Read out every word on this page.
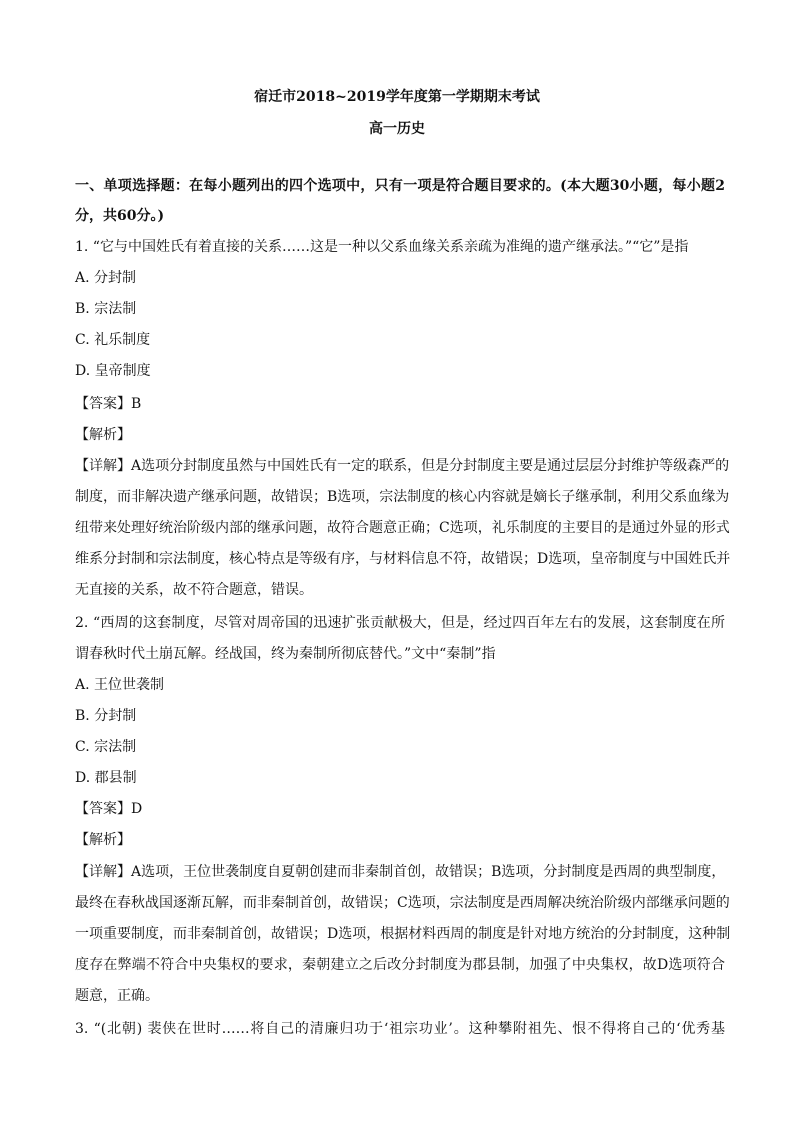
宿迁市2018~2019学年度第一学期期末考试
高一历史
一、单项选择题：在每小题列出的四个选项中，只有一项是符合题目要求的。(本大题30小题，每小题2
分，共60分。)
1. “它与中国姓氏有着直接的关系……这是一种以父系血缘关系亲疏为准绳的遗产继承法。”“它”是指
A. 分封制
B. 宗法制
C. 礼乐制度
D. 皇帝制度
【答案】B
【解析】
【详解】A选项分封制度虽然与中国姓氏有一定的联系，但是分封制度主要是通过层层分封维护等级森严的
制度，而非解决遗产继承问题，故错误；B选项，宗法制度的核心内容就是嫡长子继承制，利用父系血缘为
纽带来处理好统治阶级内部的继承问题，故符合题意正确；C选项，礼乐制度的主要目的是通过外显的形式
维系分封制和宗法制度，核心特点是等级有序，与材料信息不符，故错误；D选项，皇帝制度与中国姓氏并
无直接的关系，故不符合题意，错误。
2. “西周的这套制度，尽管对周帝国的迅速扩张贡献极大，但是，经过四百年左右的发展，这套制度在所
谓春秋时代土崩瓦解。经战国，终为秦制所彻底替代。”文中“秦制”指
A. 王位世袭制
B. 分封制
C. 宗法制
D. 郡县制
【答案】D
【解析】
【详解】A选项，王位世袭制度自夏朝创建而非秦制首创，故错误；B选项，分封制度是西周的典型制度，
最终在春秋战国逐渐瓦解，而非秦制首创，故错误；C选项，宗法制度是西周解决统治阶级内部继承问题的
一项重要制度，而非秦制首创，故错误；D选项，根据材料西周的制度是针对地方统治的分封制度，这种制
度存在弊端不符合中央集权的要求，秦朝建立之后改分封制度为郡县制，加强了中央集权，故D选项符合
题意，正确。
3. “(北朝) 裴侠在世时……将自己的清廉归功于‘祖宗功业’。这种攀附祖先、恨不得将自己的‘优秀基
